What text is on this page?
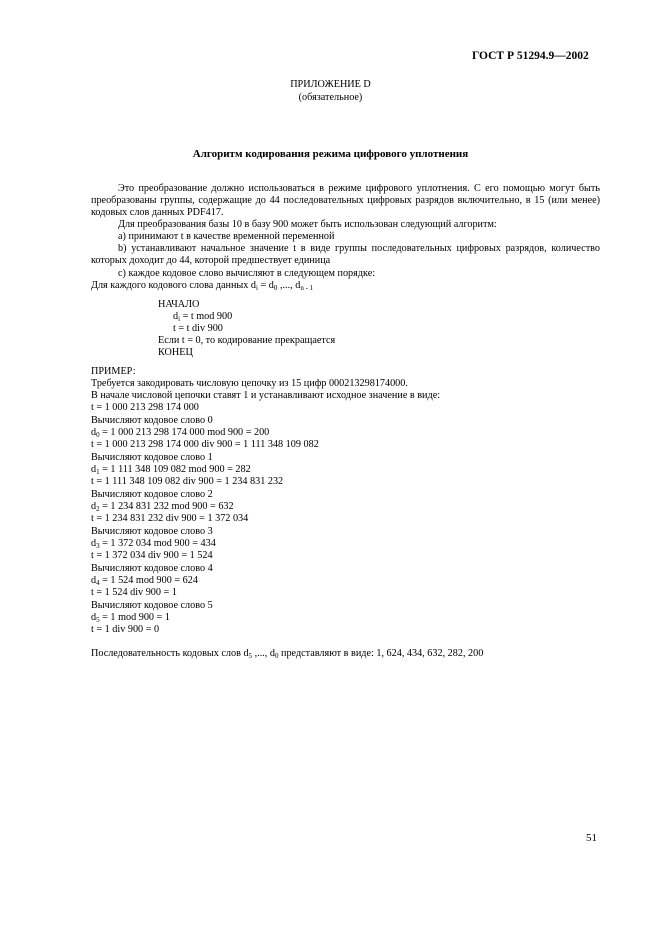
ГОСТ Р 51294.9—2002
ПРИЛОЖЕНИЕ D
(обязательное)
Алгоритм кодирования режима цифрового уплотнения
Это преобразование должно использоваться в режиме цифрового уплотнения. С его помощью могут быть преобразованы группы, содержащие до 44 последовательных цифровых разрядов включительно, в 15 (или менее) кодовых слов данных PDF417.
Для преобразования базы 10 в базу 900 может быть использован следующий алгоритм:
а) принимают t в качестве временной переменной
b) устанавливают начальное значение t в виде группы последовательных цифровых разрядов, количество которых доходит до 44, которой предшествует единица
с) каждое кодовое слово вычисляют в следующем порядке:
Для каждого кодового слова данных $d_i = d_0$ ,..., $d_{n - 1}$
НАЧАЛО
$d_i = t$ mod 900
t = t div 900
Если t = 0, то кодирование прекращается
КОНЕЦ
ПРИМЕР:
Требуется закодировать числовую цепочку из 15 цифр 000213298174000.
В начале числовой цепочки ставят 1 и устанавливают исходное значение в виде:
t = 1 000 213 298 174 000
Вычисляют кодовое слово 0
$d_0 = 1$ 000 213 298 174 000 mod 900 = 200
t = 1 000 213 298 174 000 div 900 = 1 111 348 109 082
Вычисляют кодовое слово 1
$d_1 = 1$ 111 348 109 082 mod 900 = 282
t = 1 111 348 109 082 div 900 = 1 234 831 232
Вычисляют кодовое слово 2
$d_2 = 1$ 234 831 232 mod 900 = 632
t = 1 234 831 232 div 900 = 1 372 034
Вычисляют кодовое слово 3
$d_3 = 1$ 372 034 mod 900 = 434
t = 1 372 034 div 900 = 1 524
Вычисляют кодовое слово 4
$d_4 = 1$ 524 mod 900 = 624
t = 1 524 div 900 = 1
Вычисляют кодовое слово 5
$d_5 = 1$ mod 900 = 1
t = 1 div 900 = 0
Последовательность кодовых слов $d_5$ ,..., $d_0$ представляют в виде: 1, 624, 434, 632, 282, 200
51
